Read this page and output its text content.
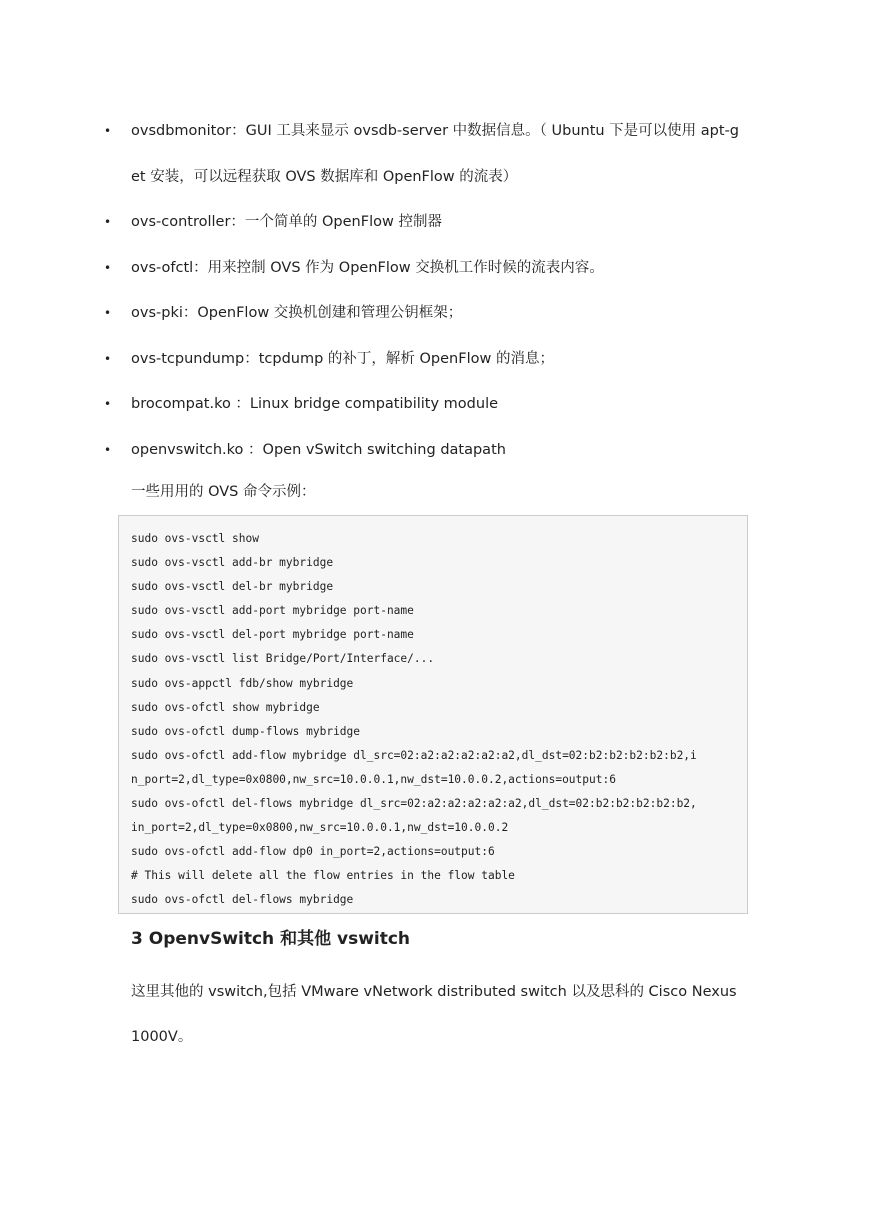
• ovsdbmonitor：GUI 工具来显示 ovsdb-server 中数据信息。（ Ubuntu 下是可以使用 apt-get 安装，可以远程获取 OVS 数据库和 OpenFlow 的流表）
• ovs-controller：一个简单的 OpenFlow 控制器
• ovs-ofctl：用来控制 OVS 作为 OpenFlow 交换机工作时候的流表内容。
• ovs-pki：OpenFlow 交换机创建和管理公钥框架；
• ovs-tcpundump：tcpdump 的补丁，解析 OpenFlow 的消息；
• brocompat.ko ：Linux bridge compatibility module
• openvswitch.ko ：Open vSwitch switching datapath
一些用用的 OVS 命令示例：
sudo ovs-vsctl show
sudo ovs-vsctl add-br mybridge
sudo ovs-vsctl del-br mybridge
sudo ovs-vsctl add-port mybridge port-name
sudo ovs-vsctl del-port mybridge port-name
sudo ovs-vsctl list Bridge/Port/Interface/...
sudo ovs-appctl fdb/show mybridge
sudo ovs-ofctl show mybridge
sudo ovs-ofctl dump-flows mybridge
sudo ovs-ofctl add-flow mybridge dl_src=02:a2:a2:a2:a2:a2,dl_dst=02:b2:b2:b2:b2:b2,i
n_port=2,dl_type=0x0800,nw_src=10.0.0.1,nw_dst=10.0.0.2,actions=output:6
sudo ovs-ofctl del-flows mybridge dl_src=02:a2:a2:a2:a2:a2,dl_dst=02:b2:b2:b2:b2:b2,
in_port=2,dl_type=0x0800,nw_src=10.0.0.1,nw_dst=10.0.0.2
sudo ovs-ofctl add-flow dp0 in_port=2,actions=output:6
# This will delete all the flow entries in the flow table
sudo ovs-ofctl del-flows mybridge
3 OpenvSwitch 和其他 vswitch
这里其他的 vswitch,包括 VMware vNetwork distributed switch 以及思科的 Cisco Nexus 1000V。
